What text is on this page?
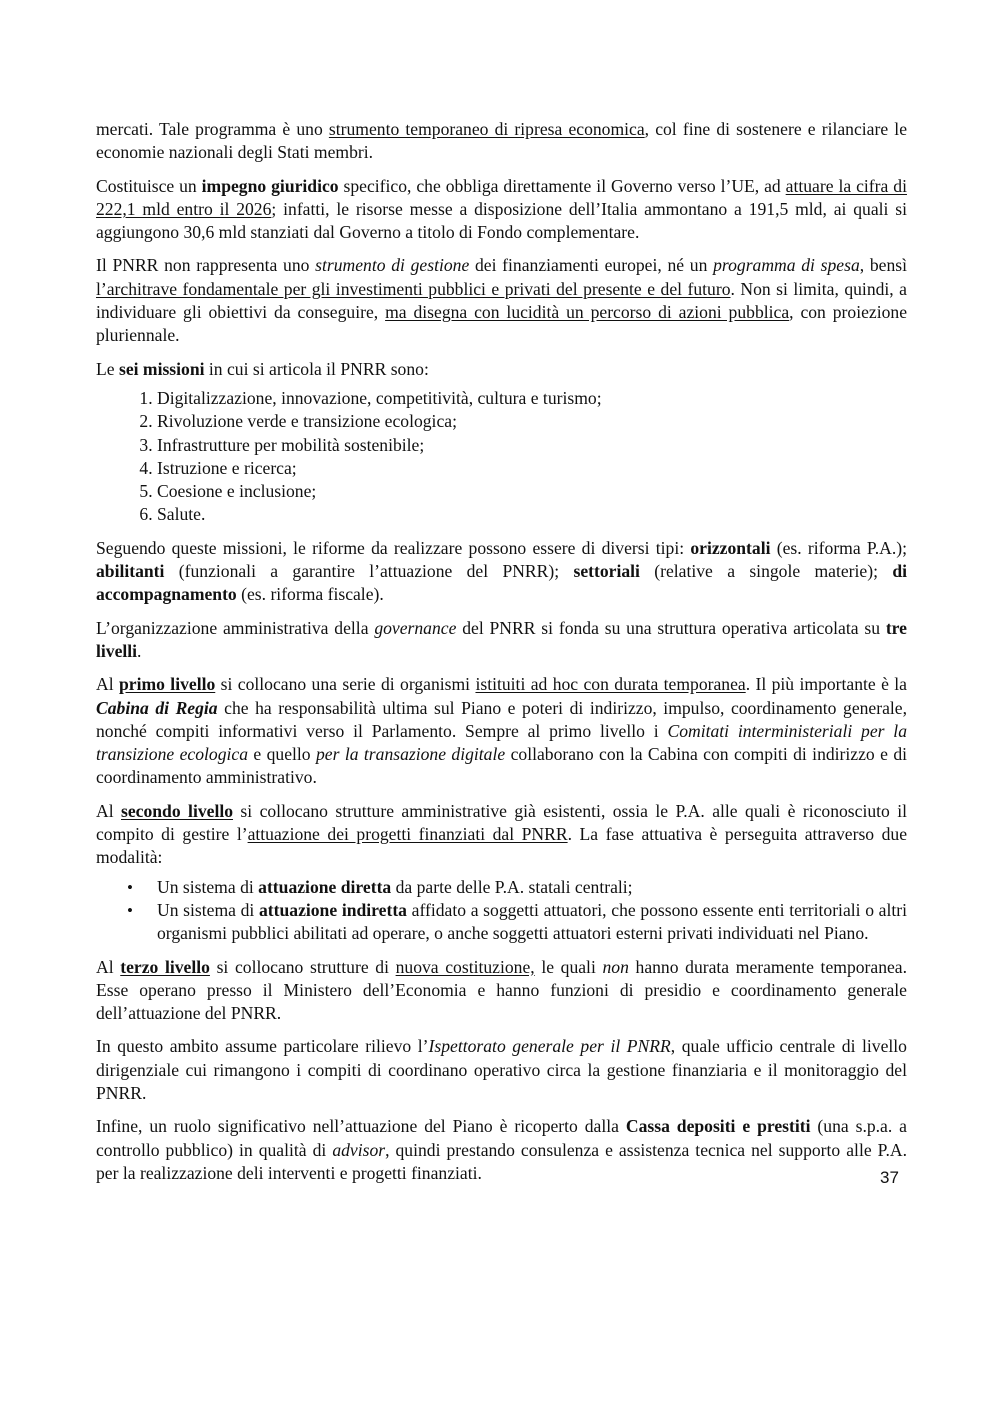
mercati. Tale programma è uno strumento temporaneo di ripresa economica, col fine di sostenere e rilanciare le economie nazionali degli Stati membri.

Costituisce un impegno giuridico specifico, che obbliga direttamente il Governo verso l’UE, ad attuare la cifra di 222,1 mld entro il 2026; infatti, le risorse messe a disposizione dell’Italia ammontano a 191,5 mld, ai quali si aggiungono 30,6 mld stanziati dal Governo a titolo di Fondo complementare.

Il PNRR non rappresenta uno strumento di gestione dei finanziamenti europei, né un programma di spesa, bensì l’architrave fondamentale per gli investimenti pubblici e privati del presente e del futuro. Non si limita, quindi, a individuare gli obiettivi da conseguire, ma disegna con lucidità un percorso di azioni pubblica, con proiezione pluriennale.

Le sei missioni in cui si articola il PNRR sono:

1. Digitalizzazione, innovazione, competitività, cultura e turismo;
2. Rivoluzione verde e transizione ecologica;
3. Infrastrutture per mobilità sostenibile;
4. Istruzione e ricerca;
5. Coesione e inclusione;
6. Salute.

Seguendo queste missioni, le riforme da realizzare possono essere di diversi tipi: orizzontali (es. riforma P.A.); abilitanti (funzionali a garantire l’attuazione del PNRR); settoriali (relative a singole materie); di accompagnamento (es. riforma fiscale).

L’organizzazione amministrativa della governance del PNRR si fonda su una struttura operativa articolata su tre livelli.

Al primo livello si collocano una serie di organismi istituiti ad hoc con durata temporanea. Il più importante è la Cabina di Regia che ha responsabilità ultima sul Piano e poteri di indirizzo, impulso, coordinamento generale, nonché compiti informativi verso il Parlamento. Sempre al primo livello i Comitati interministeriali per la transizione ecologica e quello per la transazione digitale collaborano con la Cabina con compiti di indirizzo e di coordinamento amministrativo.

Al secondo livello si collocano strutture amministrative già esistenti, ossia le P.A. alle quali è riconosciuto il compito di gestire l’attuazione dei progetti finanziati dal PNRR. La fase attuativa è perseguita attraverso due modalità:

• Un sistema di attuazione diretta da parte delle P.A. statali centrali;
• Un sistema di attuazione indiretta affidato a soggetti attuatori, che possono essente enti territoriali o altri organismi pubblici abilitati ad operare, o anche soggetti attuatori esterni privati individuati nel Piano.

Al terzo livello si collocano strutture di nuova costituzione, le quali non hanno durata meramente temporanea. Esse operano presso il Ministero dell’Economia e hanno funzioni di presidio e coordinamento generale dell’attuazione del PNRR.

In questo ambito assume particolare rilievo l’Ispettorato generale per il PNRR, quale ufficio centrale di livello dirigenziale cui rimangono i compiti di coordinano operativo circa la gestione finanziaria e il monitoraggio del PNRR.

Infine, un ruolo significativo nell’attuazione del Piano è ricoperto dalla Cassa depositi e prestiti (una s.p.a. a controllo pubblico) in qualità di advisor, quindi prestando consulenza e assistenza tecnica nel supporto alle P.A. per la realizzazione deli interventi e progetti finanziati.	37
